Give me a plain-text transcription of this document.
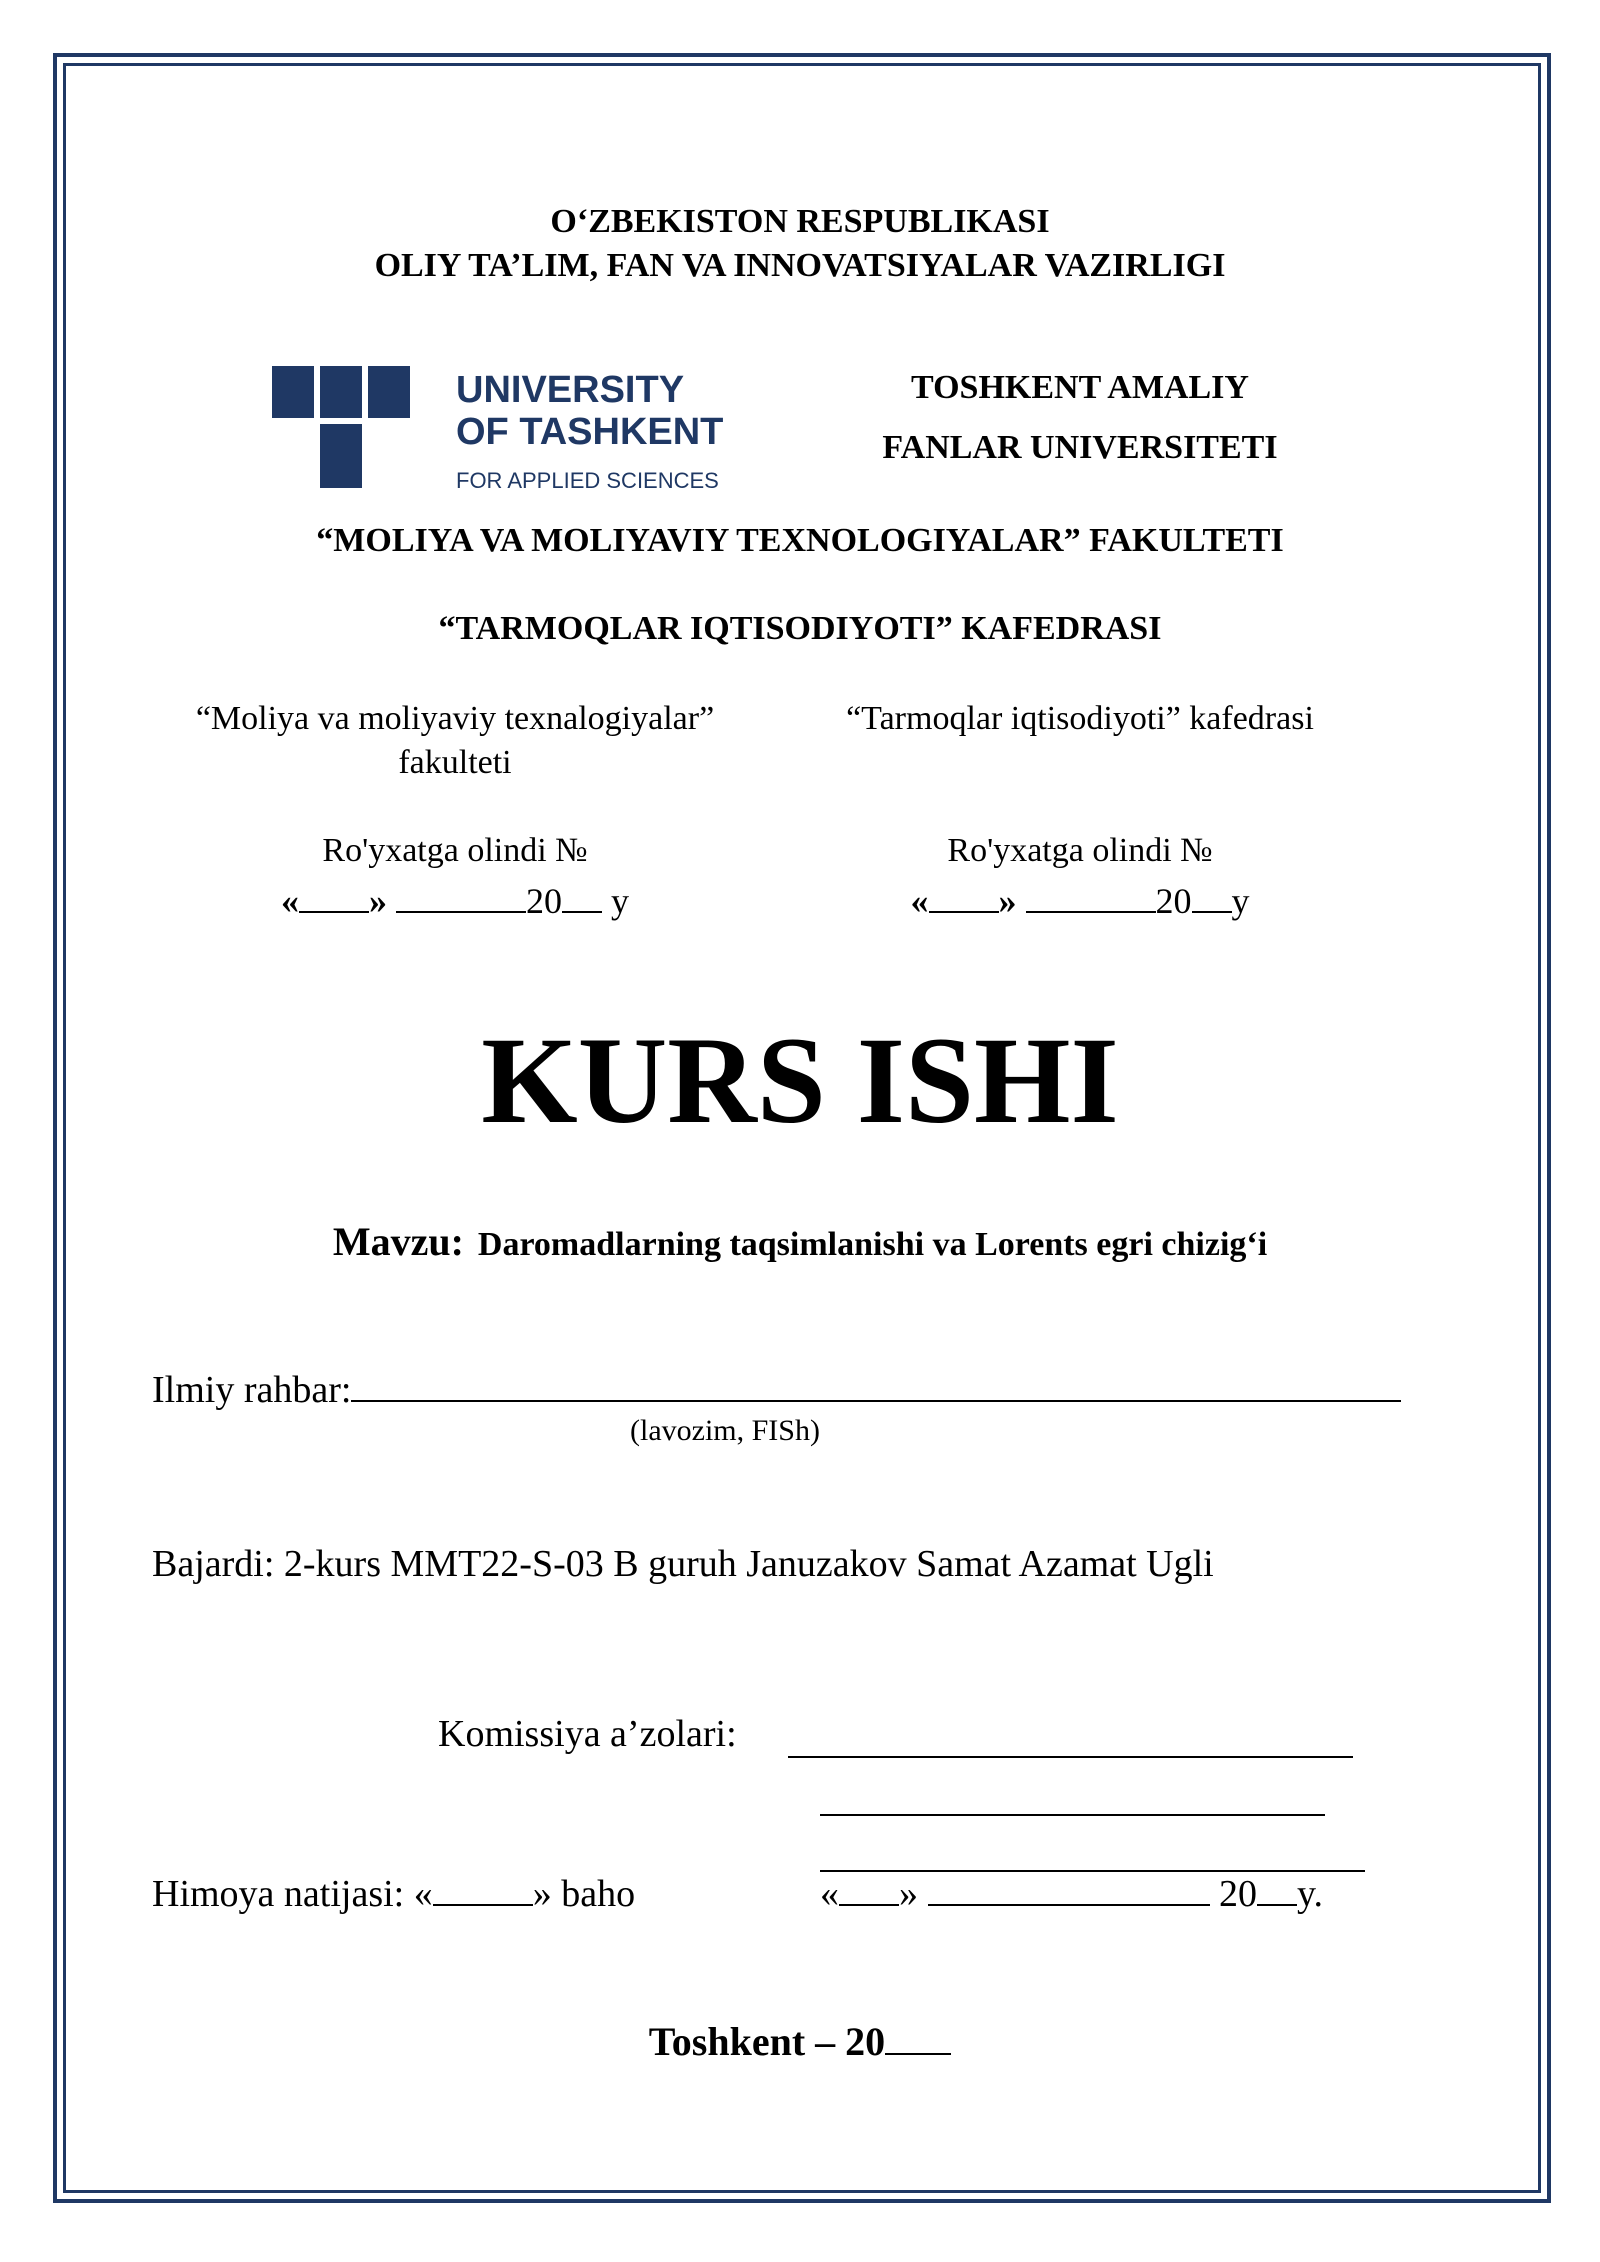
O‘ZBEKISTON RESPUBLIKASI
OLIY TA’LIM, FAN VA INNOVATSIYALAR VAZIRLIGI
UNIVERSITY
OF TASHKENT
FOR APPLIED SCIENCES
TOSHKENT AMALIY
FANLAR UNIVERSITETI
“MOLIYA VA MOLIYAVIY TEXNOLOGIYALAR” FAKULTETI
“TARMOQLAR IQTISODIYOTI” KAFEDRASI
“Moliya va moliyaviy texnalogiyalar”
fakulteti
“Tarmoqlar iqtisodiyoti” kafedrasi
Ro'yxatga olindi №
« »	20 y
Ro'yxatga olindi №
« »	20 y
KURS ISHI
Mavzu: Daromadlarning taqsimlanishi va Lorents egri chizig‘i
Ilmiy rahbar:
(lavozim, FISh)
Bajardi: 2-kurs MMT22-S-03 B guruh Januzakov Samat Azamat Ugli
Komissiya a’zolari:
Himoya natijasi: «	» baho	« »	20 y.
Toshkent – 20
